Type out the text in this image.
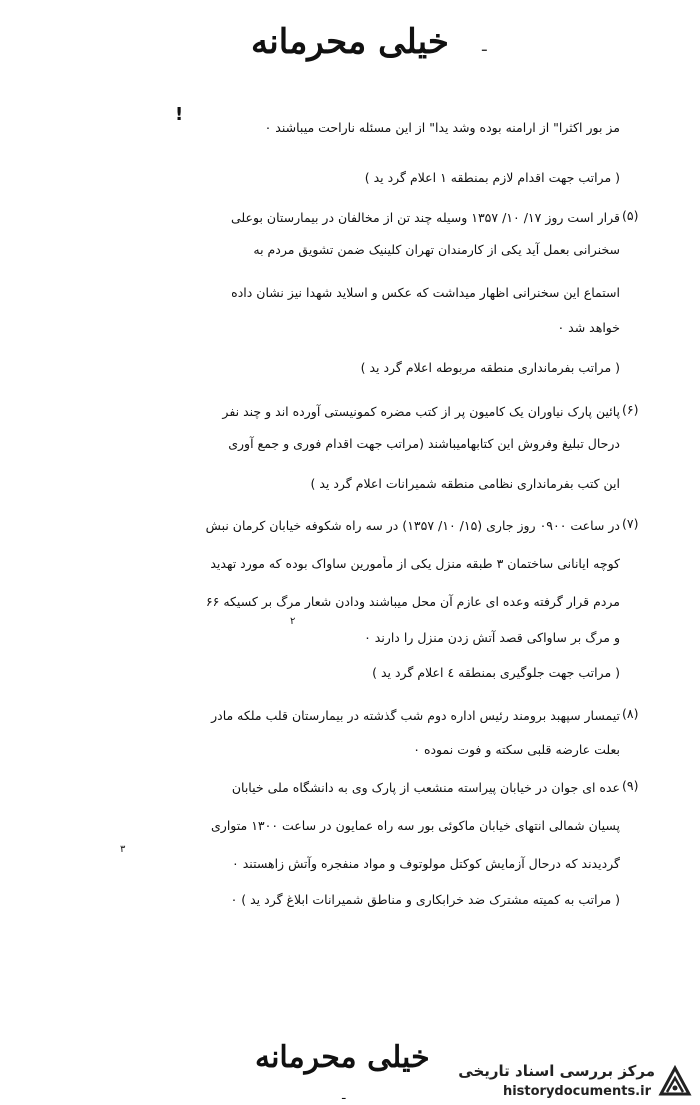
خیلی محرمانه	ـ
!
مز بور اکثرا" از ارامنه بوده وشد یدا" از این مسئله ناراحت میباشند ۰
( مراتب جهت اقدام لازم بمنطقه ۱ اعلام گرد ید )
(۵)
قرار است روز ۱۷/ ۱۰/ ۱۳۵۷ وسیله چند تن از مخالفان در بیمارستان بوعلی
سخنرانی بعمل آید یکی از کارمندان تهران کلینیک ضمن تشویق مردم به
استماع این سخنرانی اظهار میداشت که عکس و اسلاید شهدا نیز نشان داده
خواهد شد ۰
( مراتب بفرمانداری منطقه مربوطه اعلام گرد ید )
(۶)
پائین پارک نیاوران یک کامیون پر از کتب مضره کمونیستی آورده اند و چند نفر
درحال تبلیغ وفروش این کتابهامیباشند (مراتب جهت اقدام فوری و جمع آوری
این کتب بفرمانداری نظامی منطقه شمیرانات اعلام گرد ید )
(۷)
در ساعت ۰۹۰۰ روز جاری (۱۵/ ۱۰/ ۱۳۵۷) در سه راه شکوفه خیابان کرمان نبش
کوچه ایانانی ساختمان ۳ طبقه منزل یکی از مأمورین ساواک بوده که مورد تهدید
مردم قرار گرفته وعده ای عازم آن محل میباشند ودادن شعار مرگ بر کسیکه ۶۶
۲
و مرگ بر ساواکی قصد آتش زدن منزل را دارند ۰
( مراتب جهت جلوگیری بمنطقه ٤ اعلام گرد ید )
(۸)
تیمسار سپهبد برومند رئیس اداره دوم شب گذشته در بیمارستان قلب ملکه مادر
بعلت عارضه قلبی سکته و فوت نموده ۰
(۹)
عده ای جوان در خیابان پیراسته منشعب از پارک وی به دانشگاه ملی خیابان
پسیان شمالی انتهای خیابان ماکوئی بور سه راه عمایون در ساعت ۱۳۰۰ متواری
۳
گردیدند که درحال آزمایش کوکتل مولوتوف و مواد منفجره وآتش زاهستند ۰
( مراتب به کمیته مشترک ضد خرابکاری و مناطق شمیرانات ابلاغ گرد ید ) ۰
خیلی محرمانه
ـ
مرکز بررسی اسناد تاریخی
historydocuments.ir
